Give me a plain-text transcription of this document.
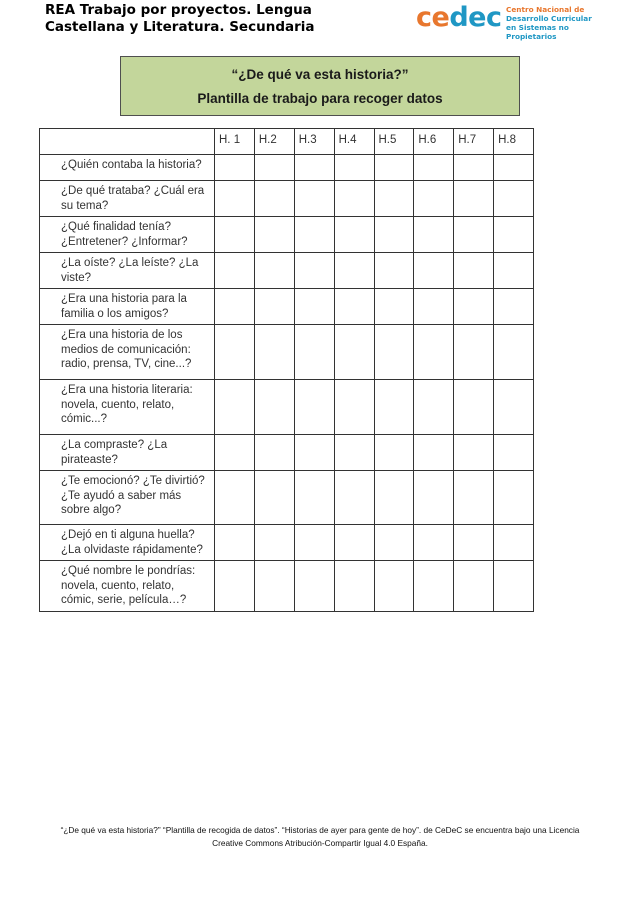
REA Trabajo por proyectos. Lengua
Castellana y Literatura. Secundaria	cedec Centro Nacional de
Desarrollo Curricular
en Sistemas no Propietarios
“¿De qué va esta historia?”
Plantilla de trabajo para recoger datos
	H. 1	H.2	H.3	H.4	H.5	H.6	H.7	H.8
¿Quién contaba la historia?								
¿De qué trataba? ¿Cuál era su tema?								
¿Qué finalidad tenía? ¿Entretener? ¿Informar?								
¿La oíste? ¿La leíste? ¿La viste?								
¿Era una historia para la familia o los amigos?								
¿Era una historia de los medios de comunicación: radio, prensa, TV, cine...?								
¿Era una historia literaria: novela, cuento, relato, cómic...?								
¿La compraste? ¿La pirateaste?								
¿Te emocionó? ¿Te divirtió? ¿Te ayudó a saber más sobre algo?								
¿Dejó en ti alguna huella? ¿La olvidaste rápidamente?								
¿Qué nombre le pondrías: novela, cuento, relato, cómic, serie, película…?								
“¿De qué va esta historia?” “Plantilla de recogida de datos”. “Historias de ayer para gente de hoy”. de CeDeC se encuentra bajo una Licencia
Creative Commons Atribución-Compartir Igual 4.0 España.
